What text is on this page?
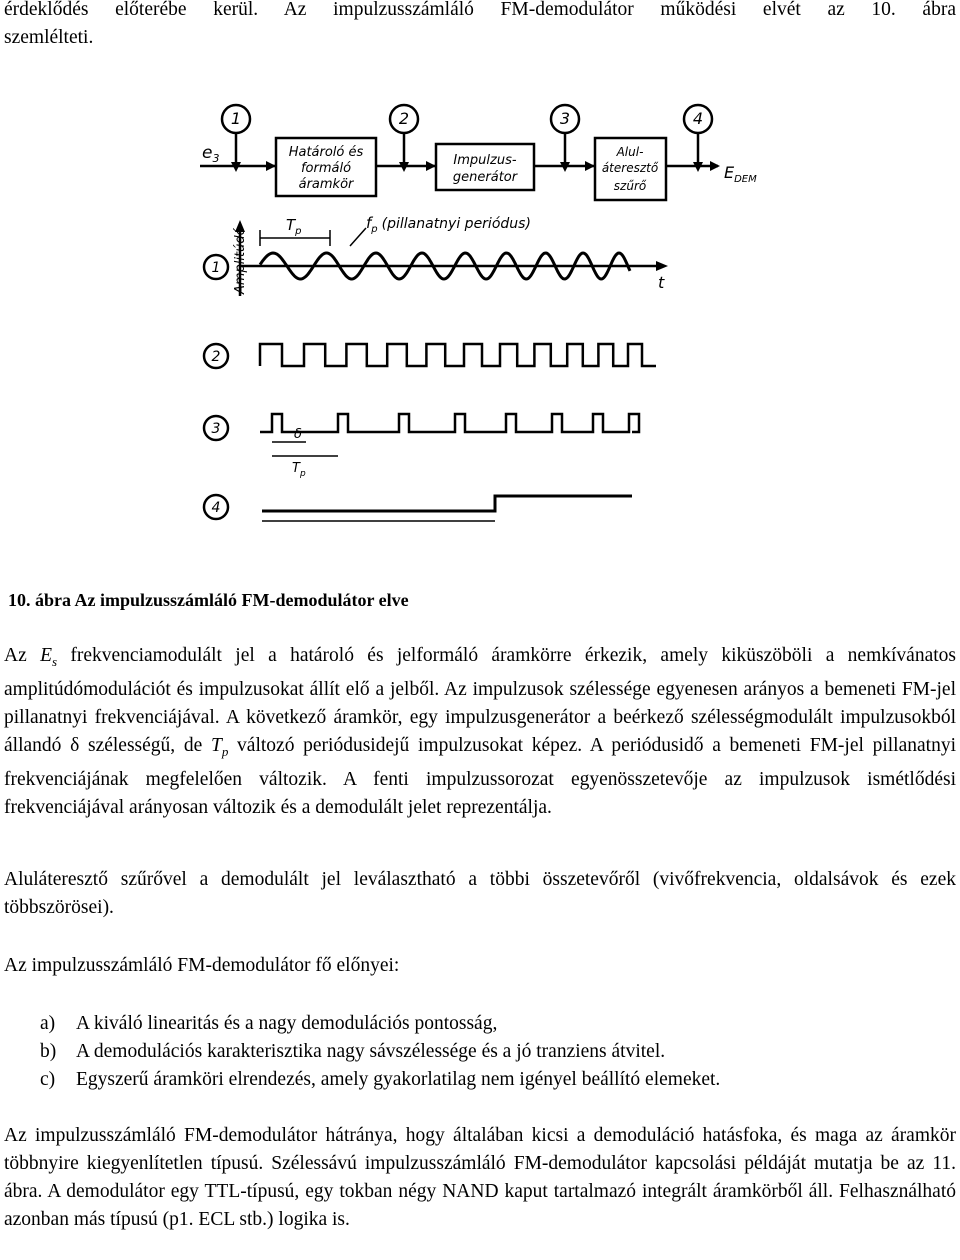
érdeklődés előterébe kerül. Az impulzusszámláló FM-demodulátor működési elvét az 10. ábra
szemlélteti.
1	2	3	4
1
2
3
4
$e_3$
$E_{DEM}$
Határoló és
formáló
áramkör
Impulzus-
generátor
Alul-
áteresztő
szűrő
Amplitúdó	t
$T_p$	$f_p$ (pillanatnyi periódus)
δ
$T_p$
10. ábra Az impulzusszámláló FM-demodulátor elve

Az $E_s$ frekvenciamodulált jel a határoló és jelformáló áramkörre érkezik, amely kiküszöböli a nemkívánatos amplitúdómodulációt és impulzusokat állít elő a jelből. Az impulzusok szélessége egyenesen arányos a bemeneti FM-jel pillanatnyi frekvenciájával. A következő áramkör, egy impulzusgenerátor a beérkező szélességmodulált impulzusokból állandó δ szélességű, de $T_p$ változó periódusidejű impulzusokat képez. A periódusidő a bemeneti FM-jel pillanatnyi frekvenciájának megfelelően változik. A fenti impulzussorozat egyenösszetevője az impulzusok ismétlődési frekvenciájával arányosan változik és a demodulált jelet reprezentálja.

Aluláteresztő szűrővel a demodulált jel leválasztható a többi összetevőről (vivőfrekvencia, oldalsávok és ezek többszörösei).

Az impulzusszámláló FM-demodulátor fő előnyei:

a)	A kiváló linearitás és a nagy demodulációs pontosság,
b)	A demodulációs karakterisztika nagy sávszélessége és a jó tranziens átvitel.
c)	Egyszerű áramköri elrendezés, amely gyakorlatilag nem igényel beállító elemeket.

Az impulzusszámláló FM-demodulátor hátránya, hogy általában kicsi a demoduláció hatásfoka, és maga az áramkör többnyire kiegyenlítetlen típusú. Szélessávú impulzusszámláló FM-demodulátor kapcsolási példáját mutatja be az 11. ábra. A demodulátor egy TTL-típusú, egy tokban négy NAND kaput tartalmazó integrált áramkörből áll. Felhasználható azonban más típusú (p1. ECL stb.) logika is.
